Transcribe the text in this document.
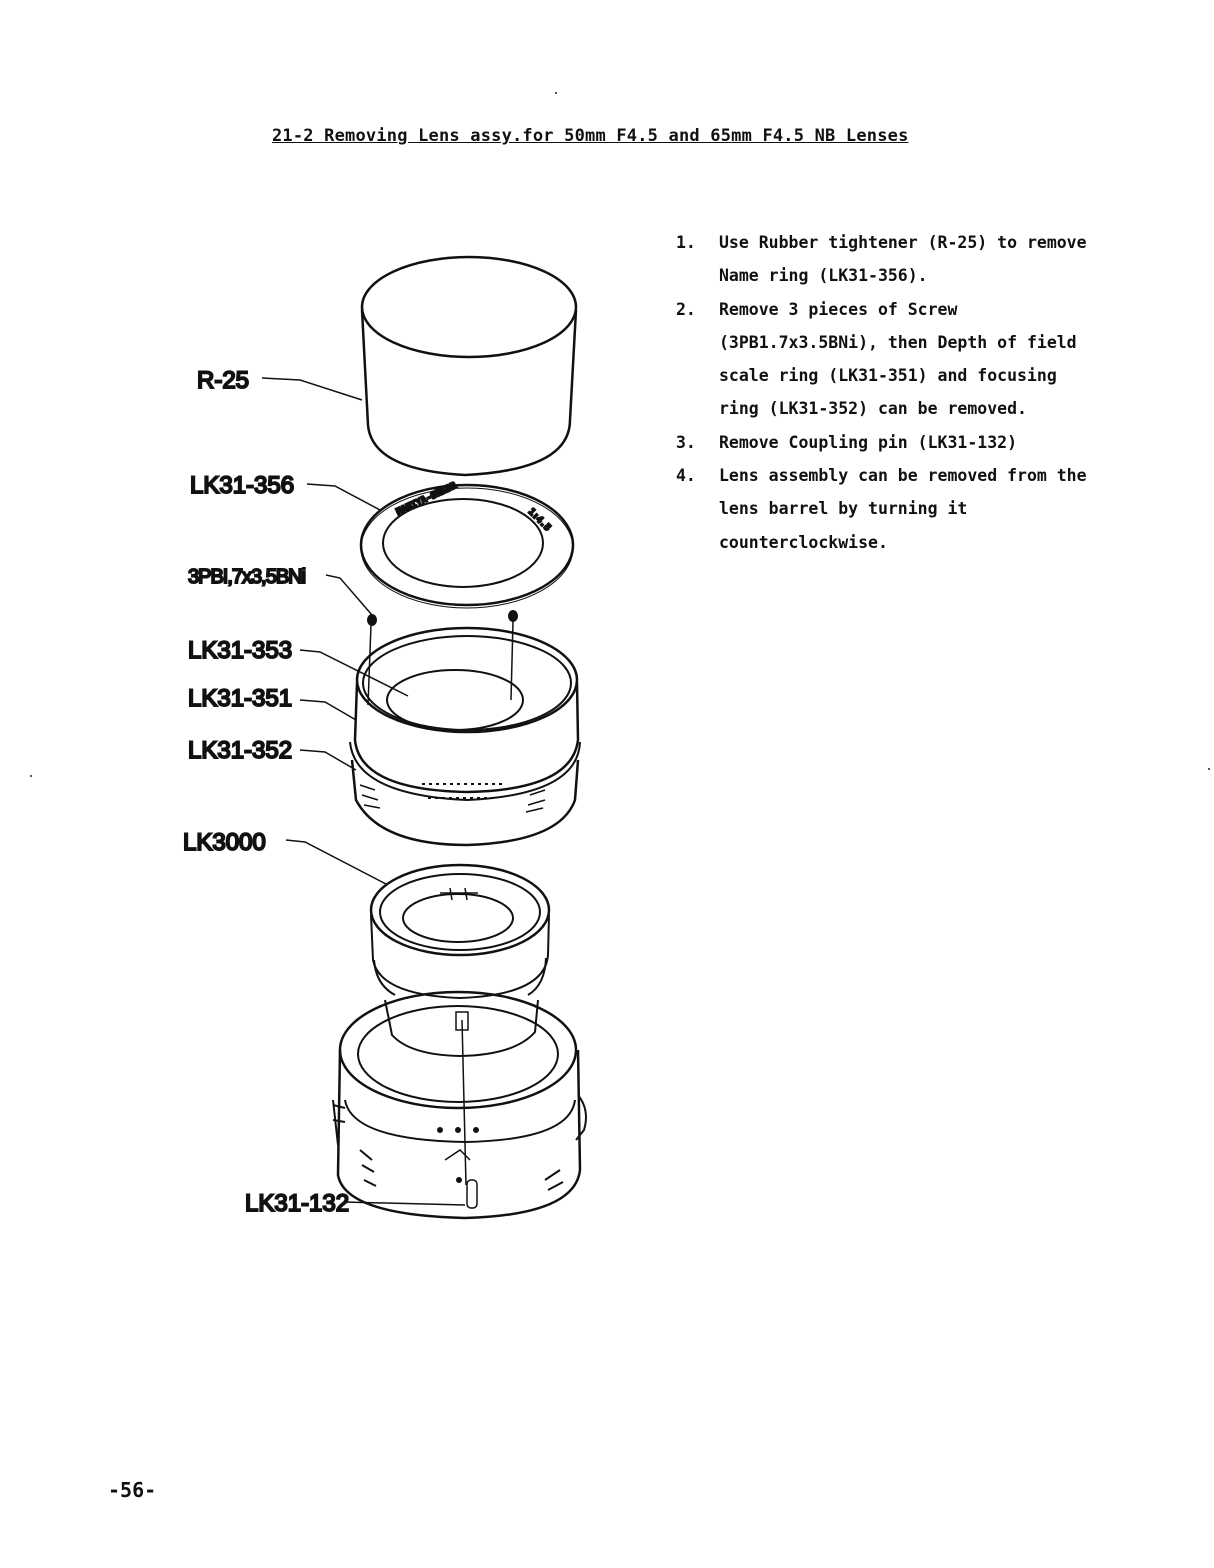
21-2 Removing Lens assy.for 50mm F4.5 and 65mm F4.5 NB Lenses
1. Use Rubber tightener (R-25) to remove Name ring (LK31-356).
2. Remove 3 pieces of Screw (3PB1.7x3.5BNi), then Depth of field scale ring (LK31-351) and focusing ring (LK31-352) can be removed.
3. Remove Coupling pin (LK31-132)
4. Lens assembly can be removed from the lens barrel by turning it counterclockwise.
MAMIYA-SEKOR
1:4.5
R-25
LK31-356
3PBI,7x3,5BNi
LK31-353
LK31-351
LK31-352
LK3000
LK31-132
-56-
